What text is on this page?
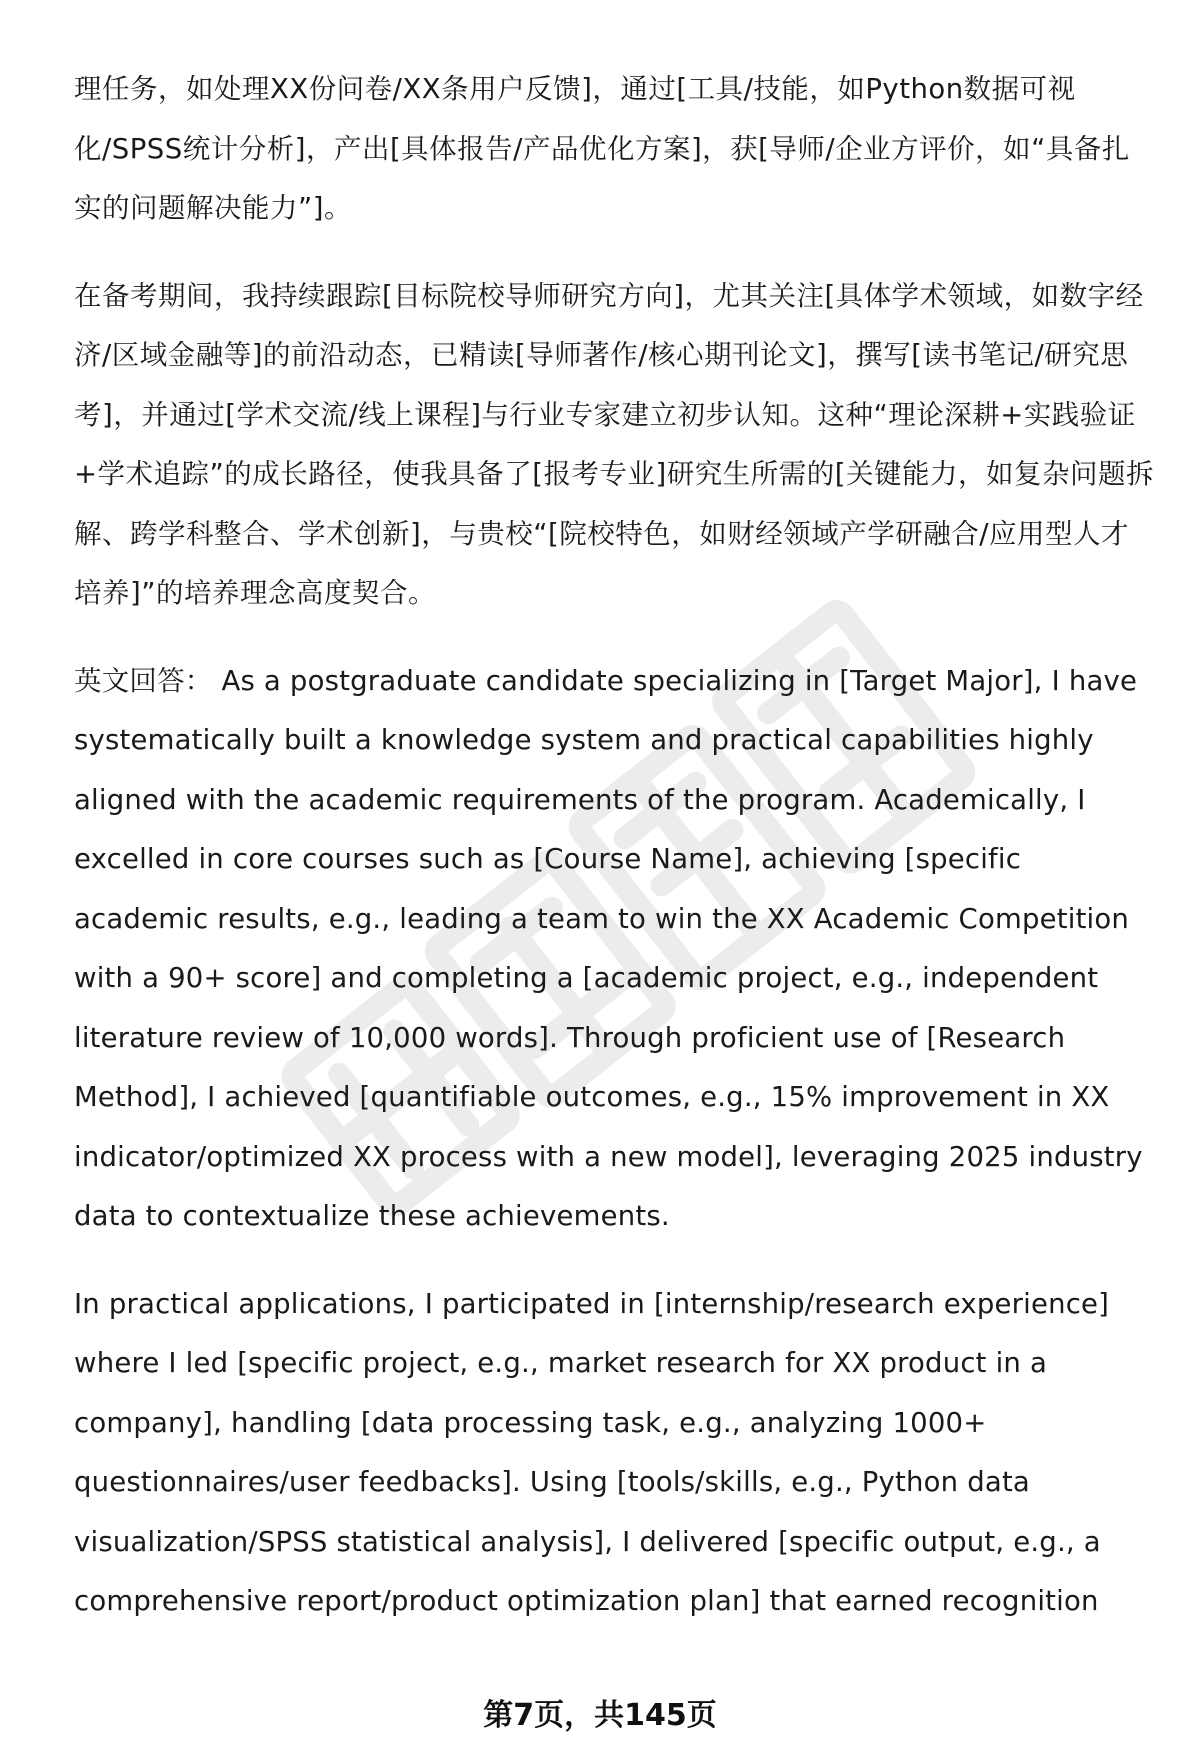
理任务，如处理XX份问卷/XX条用户反馈]，通过[工具/技能，如Python数据可视化/SPSS统计分析]，产出[具体报告/产品优化方案]，获[导师/企业方评价，如“具备扎实的问题解决能力”]。

在备考期间，我持续跟踪[目标院校导师研究方向]，尤其关注[具体学术领域，如数字经济/区域金融等]的前沿动态，已精读[导师著作/核心期刊论文]，撰写[读书笔记/研究思考]，并通过[学术交流/线上课程]与行业专家建立初步认知。这种“理论深耕+实践验证+学术追踪”的成长路径，使我具备了[报考专业]研究生所需的[关键能力，如复杂问题拆解、跨学科整合、学术创新]，与贵校“[院校特色，如财经领域产学研融合/应用型人才培养]”的培养理念高度契合。

英文回答： As a postgraduate candidate specializing in [Target Major], I have systematically built a knowledge system and practical capabilities highly aligned with the academic requirements of the program. Academically, I excelled in core courses such as [Course Name], achieving [specific academic results, e.g., leading a team to win the XX Academic Competition with a 90+ score] and completing a [academic project, e.g., independent literature review of 10,000 words]. Through proficient use of [Research Method], I achieved [quantifiable outcomes, e.g., 15% improvement in XX indicator/optimized XX process with a new model], leveraging 2025 industry data to contextualize these achievements.

In practical applications, I participated in [internship/research experience] where I led [specific project, e.g., market research for XX product in a company], handling [data processing task, e.g., analyzing 1000+ questionnaires/user feedbacks]. Using [tools/skills, e.g., Python data visualization/SPSS statistical analysis], I delivered [specific output, e.g., a comprehensive report/product optimization plan] that earned recognition

第7页，共145页
